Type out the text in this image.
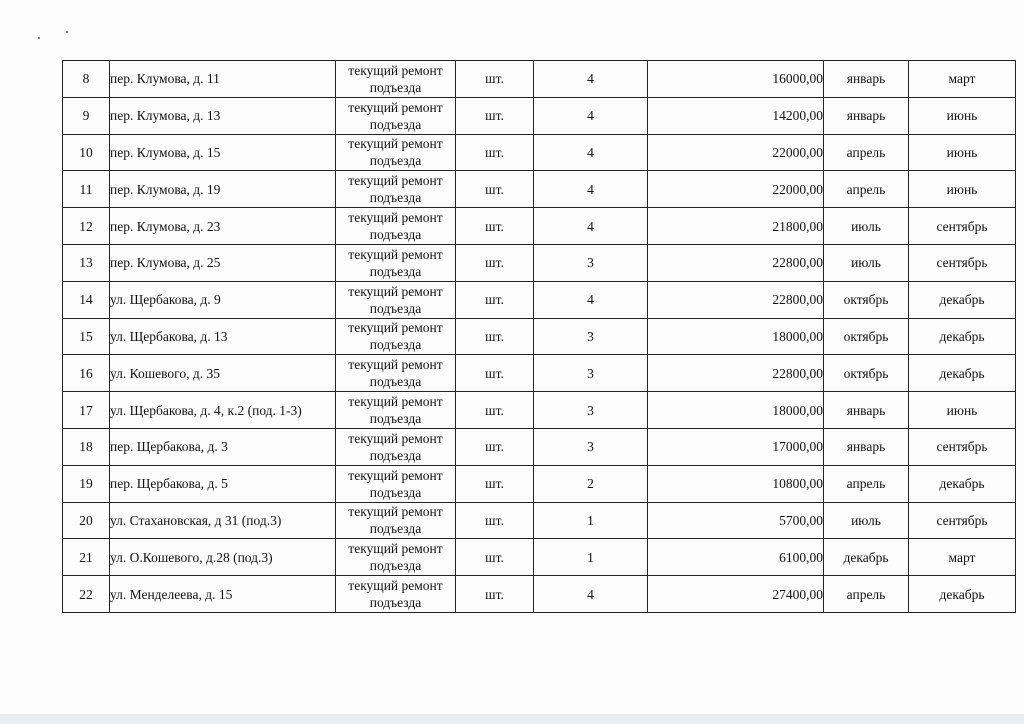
8	пер. Клумова, д. 11	текущий ремонт
подъезда	шт.	4	16000,00	январь	март
9	пер. Клумова, д. 13	текущий ремонт
подъезда	шт.	4	14200,00	январь	июнь
10	пер. Клумова, д. 15	текущий ремонт
подъезда	шт.	4	22000,00	апрель	июнь
11	пер. Клумова, д. 19	текущий ремонт
подъезда	шт.	4	22000,00	апрель	июнь
12	пер. Клумова, д. 23	текущий ремонт
подъезда	шт.	4	21800,00	июль	сентябрь
13	пер. Клумова, д. 25	текущий ремонт
подъезда	шт.	3	22800,00	июль	сентябрь
14	ул. Щербакова, д. 9	текущий ремонт
подъезда	шт.	4	22800,00	октябрь	декабрь
15	ул. Щербакова, д. 13	текущий ремонт
подъезда	шт.	3	18000,00	октябрь	декабрь
16	ул. Кошевого, д. 35	текущий ремонт
подъезда	шт.	3	22800,00	октябрь	декабрь
17	ул. Щербакова, д. 4, к.2 (под. 1-3)	текущий ремонт
подъезда	шт.	3	18000,00	январь	июнь
18	пер. Щербакова, д. 3	текущий ремонт
подъезда	шт.	3	17000,00	январь	сентябрь
19	пер. Щербакова, д. 5	текущий ремонт
подъезда	шт.	2	10800,00	апрель	декабрь
20	ул. Стахановская, д 31 (под.3)	текущий ремонт
подъезда	шт.	1	5700,00	июль	сентябрь
21	ул. О.Кошевого, д.28 (под.3)	текущий ремонт
подъезда	шт.	1	6100,00	декабрь	март
22	ул. Менделеева, д. 15	текущий ремонт
подъезда	шт.	4	27400,00	апрель	декабрь
